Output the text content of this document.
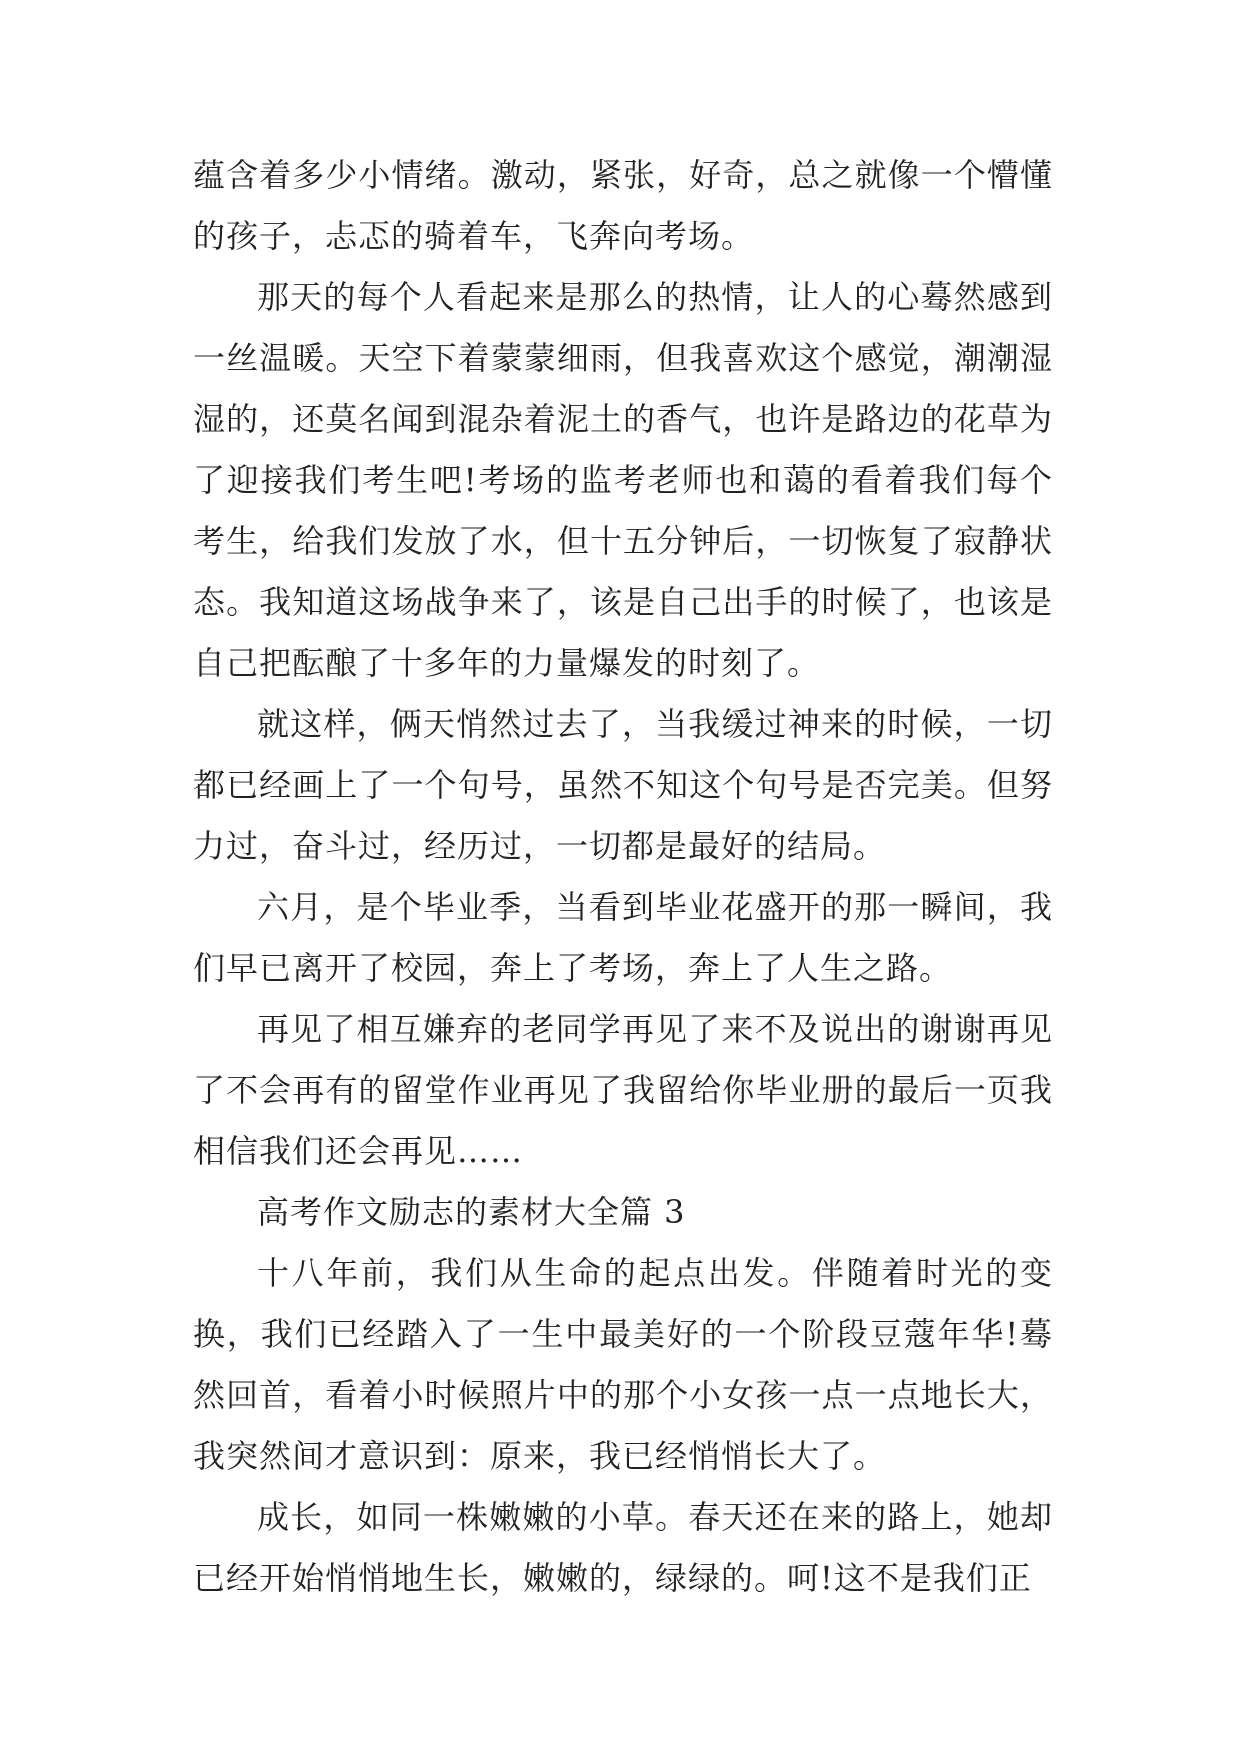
蕴含着多少小情绪。激动，紧张，好奇，总之就像一个懵懂的孩子，忐忑的骑着车，飞奔向考场。

那天的每个人看起来是那么的热情，让人的心蓦然感到一丝温暖。天空下着蒙蒙细雨，但我喜欢这个感觉，潮潮湿湿的，还莫名闻到混杂着泥土的香气，也许是路边的花草为了迎接我们考生吧!考场的监考老师也和蔼的看着我们每个考生，给我们发放了水，但十五分钟后，一切恢复了寂静状态。我知道这场战争来了，该是自己出手的时候了，也该是自己把酝酿了十多年的力量爆发的时刻了。

就这样，俩天悄然过去了，当我缓过神来的时候，一切都已经画上了一个句号，虽然不知这个句号是否完美。但努力过，奋斗过，经历过，一切都是最好的结局。

六月，是个毕业季，当看到毕业花盛开的那一瞬间，我们早已离开了校园，奔上了考场，奔上了人生之路。

再见了相互嫌弃的老同学再见了来不及说出的谢谢再见了不会再有的留堂作业再见了我留给你毕业册的最后一页我相信我们还会再见……

高考作文励志的素材大全篇 3

十八年前，我们从生命的起点出发。伴随着时光的变换，我们已经踏入了一生中最美好的一个阶段豆蔻年华!蓦然回首，看着小时候照片中的那个小女孩一点一点地长大，我突然间才意识到：原来，我已经悄悄长大了。

成长，如同一株嫩嫩的小草。春天还在来的路上，她却已经开始悄悄地生长，嫩嫩的，绿绿的。呵!这不是我们正
